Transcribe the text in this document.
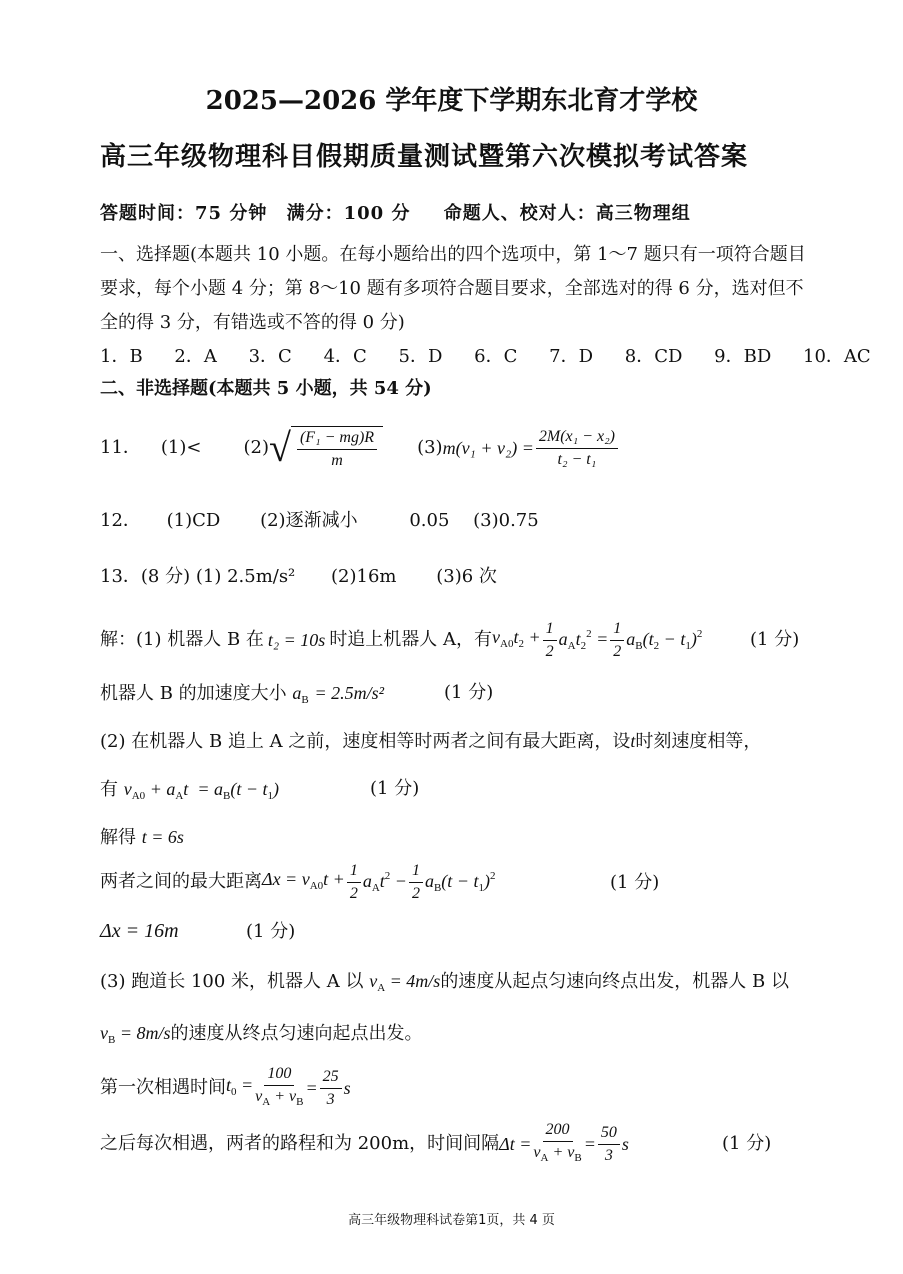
2025—2026 学年度下学期东北育才学校
高三年级物理科目假期质量测试暨第六次模拟考试答案
答题时间：75 分钟 满分：100 分 命题人、校对人：高三物理组
一、选择题(本题共 10 小题。在每小题给出的四个选项中，第 1～7 题只有一项符合题目
要求，每个小题 4 分；第 8～10 题有多项符合题目要求，全部选对的得 6 分，选对但不
全的得 3 分，有错选或不答的得 0 分)
1．B 2．A 3．C 4．C 5．D 6．C 7．D 8．CD 9．BD 10．AC
二、非选择题(本题共 5 小题，共 54 分)
11． (1)< (2) √ $\frac{\text{(F₁ − mg)R}}{m} (3) m(v_1 + v_2) = \frac{\text{2M(x₁ − x₂)}}{\text{t₂ − t₁}}$
12． (1)CD (2)逐渐减小	0.05 (3)0.75
13．(8 分) (1) 2.5m/s² (2)16m (3)6 次
解：(1) 机器人 B 在 t₂ = 10s 时追上机器人 A，有 $v_{A0}t_2 + \frac{1}{2} a_At_2^2 = \frac{1}{2} a_B(t_2 - t_1)^2$	(1 分)
机器人 B 的加速度大小 $a_B = 2.5m/s^2$	(1 分)
(2) 在机器人 B 追上 A 之前，速度相等时两者之间有最大距离，设t时刻速度相等，
有 $v_{A0} + a_At = a_B(t - t_1)$	(1 分)
解得 t = 6s
两者之间的最大距离 $\Delta x = v_{A0}t + \frac{1}{2} a_At^2 - \frac{1}{2} a_B(t - t_1)^2$	(1 分)
Δx = 16m	(1 分)
(3) 跑道长 100 米，机器人 A 以 $v_A = 4m/s$的速度从起点匀速向终点出发，机器人 B 以
$v_B = 8m/s$的速度从终点匀速向起点出发。
第一次相遇时间 $t_0 = \frac{100}{v_A + v_B} = \frac{25}{3}$ s
之后每次相遇，两者的路程和为 200m，时间间隔 $\Delta t = \frac{200}{v_A + v_B} = \frac{50}{3}$ s	(1 分)
高三年级物理科试卷第1页，共 4 页
